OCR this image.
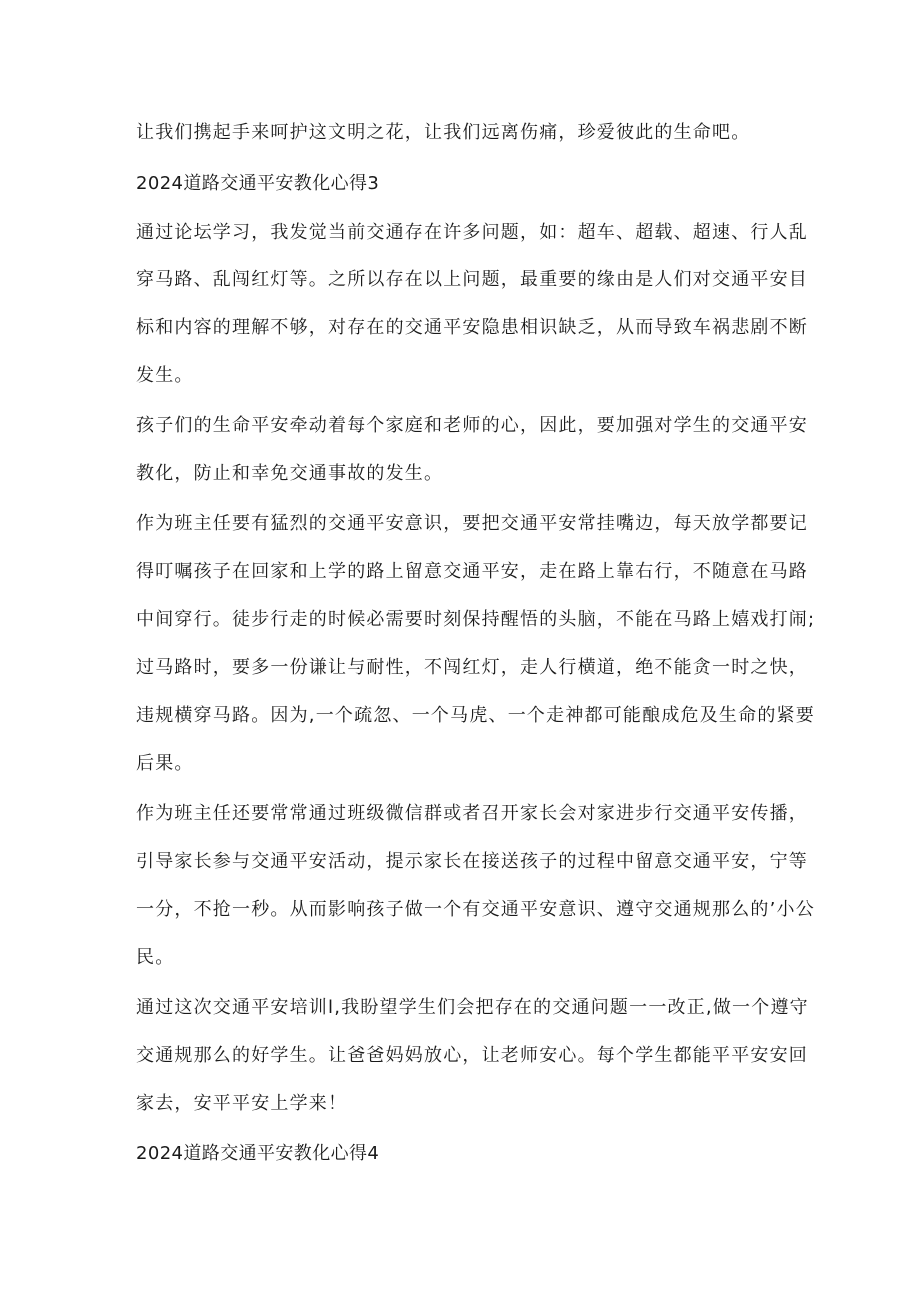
让我们携起手来呵护这文明之花，让我们远离伤痛，珍爱彼此的生命吧。
2024道路交通平安教化心得3
通过论坛学习，我发觉当前交通存在许多问题，如：超车、超载、超速、行人乱
穿马路、乱闯红灯等。之所以存在以上问题，最重要的缘由是人们对交通平安目
标和内容的理解不够，对存在的交通平安隐患相识缺乏，从而导致车祸悲剧不断
发生。
孩子们的生命平安牵动着每个家庭和老师的心，因此，要加强对学生的交通平安
教化，防止和幸免交通事故的发生。
作为班主任要有猛烈的交通平安意识，要把交通平安常挂嘴边，每天放学都要记
得叮嘱孩子在回家和上学的路上留意交通平安，走在路上靠右行，不随意在马路
中间穿行。徒步行走的时候必需要时刻保持醒悟的头脑，不能在马路上嬉戏打闹;
过马路时，要多一份谦让与耐性，不闯红灯，走人行横道，绝不能贪一时之快，
违规横穿马路。因为,一个疏忽、一个马虎、一个走神都可能酿成危及生命的紧要
后果。
作为班主任还要常常通过班级微信群或者召开家长会对家进步行交通平安传播，
引导家长参与交通平安活动，提示家长在接送孩子的过程中留意交通平安，宁等
一分，不抢一秒。从而影响孩子做一个有交通平安意识、遵守交通规那么的’小公
民。
通过这次交通平安培训l,我盼望学生们会把存在的交通问题一一改正,做一个遵守
交通规那么的好学生。让爸爸妈妈放心，让老师安心。每个学生都能平平安安回
家去，安平平安上学来！
2024道路交通平安教化心得4
